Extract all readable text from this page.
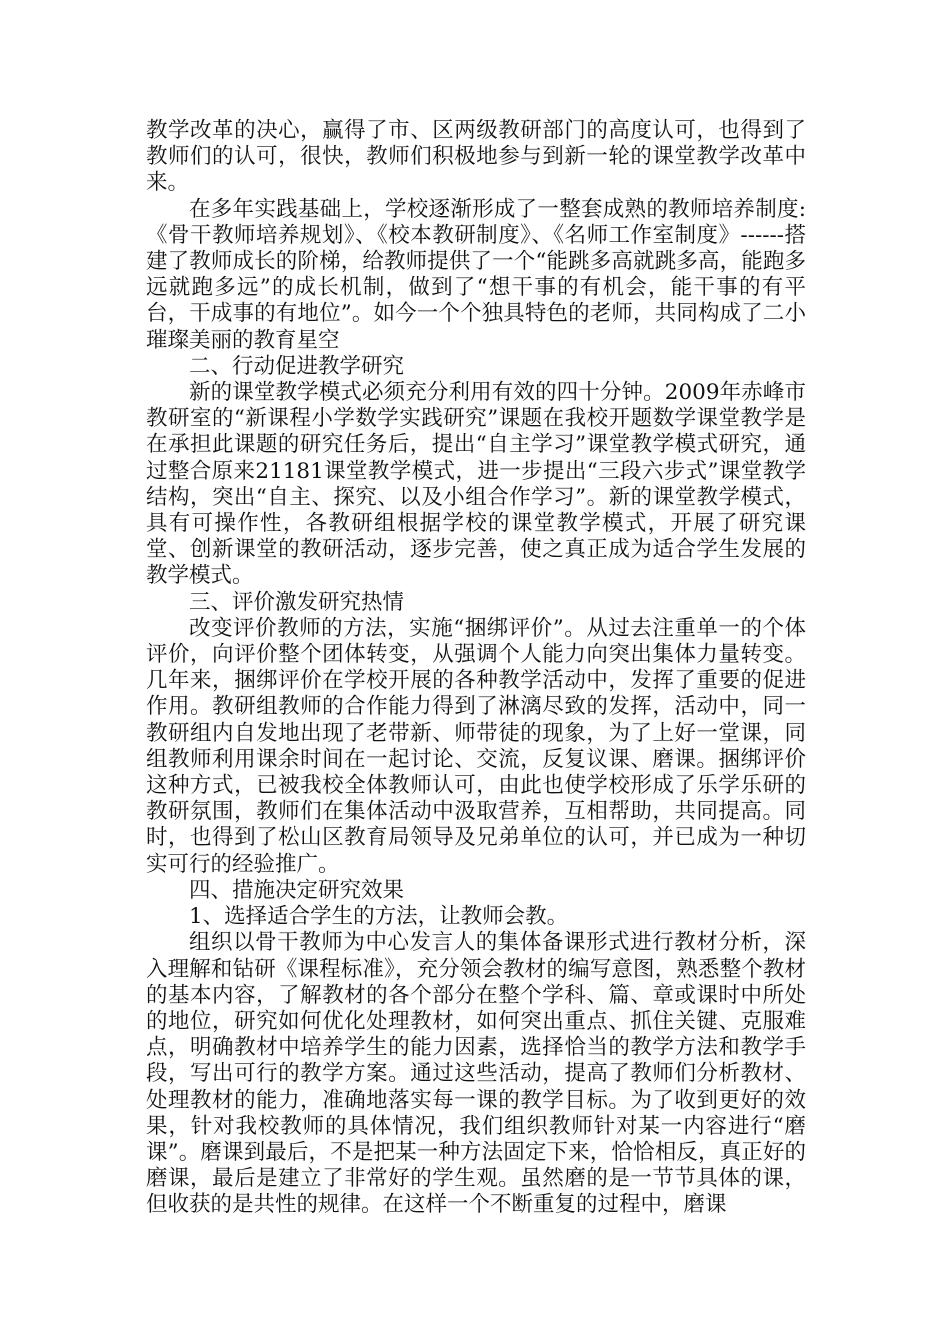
教学改革的决心，赢得了市、区两级教研部门的高度认可，也得到了教师们的认可，很快，教师们积极地参与到新一轮的课堂教学改革中来。

在多年实践基础上，学校逐渐形成了一整套成熟的教师培养制度:《骨干教师培养规划》、《校本教研制度》、《名师工作室制度》------搭建了教师成长的阶梯，给教师提供了一个“能跳多高就跳多高，能跑多远就跑多远”的成长机制，做到了“想干事的有机会，能干事的有平台，干成事的有地位”。如今一个个独具特色的老师，共同构成了二小璀璨美丽的教育星空

二、行动促进教学研究

新的课堂教学模式必须充分利用有效的四十分钟。2009年赤峰市教研室的“新课程小学数学实践研究”课题在我校开题数学课堂教学是在承担此课题的研究任务后，提出“自主学习”课堂教学模式研究，通过整合原来21181课堂教学模式，进一步提出“三段六步式”课堂教学结构，突出“自主、探究、以及小组合作学习”。新的课堂教学模式，具有可操作性，各教研组根据学校的课堂教学模式，开展了研究课堂、创新课堂的教研活动，逐步完善，使之真正成为适合学生发展的教学模式。

三、评价激发研究热情

改变评价教师的方法，实施“捆绑评价”。从过去注重单一的个体评价，向评价整个团体转变，从强调个人能力向突出集体力量转变。几年来，捆绑评价在学校开展的各种教学活动中，发挥了重要的促进作用。教研组教师的合作能力得到了淋漓尽致的发挥，活动中，同一教研组内自发地出现了老带新、师带徒的现象，为了上好一堂课，同组教师利用课余时间在一起讨论、交流，反复议课、磨课。捆绑评价这种方式，已被我校全体教师认可，由此也使学校形成了乐学乐研的教研氛围，教师们在集体活动中汲取营养，互相帮助，共同提高。同时，也得到了松山区教育局领导及兄弟单位的认可，并已成为一种切实可行的经验推广。

四、措施决定研究效果

1、选择适合学生的方法，让教师会教。

组织以骨干教师为中心发言人的集体备课形式进行教材分析，深入理解和钻研《课程标准》，充分领会教材的编写意图，熟悉整个教材的基本内容，了解教材的各个部分在整个学科、篇、章或课时中所处的地位，研究如何优化处理教材，如何突出重点、抓住关键、克服难点，明确教材中培养学生的能力因素，选择恰当的教学方法和教学手段，写出可行的教学方案。通过这些活动，提高了教师们分析教材、处理教材的能力，准确地落实每一课的教学目标。为了收到更好的效果，针对我校教师的具体情况，我们组织教师针对某一内容进行“磨课”。磨课到最后，不是把某一种方法固定下来，恰恰相反，真正好的磨课，最后是建立了非常好的学生观。虽然磨的是一节节具体的课，但收获的是共性的规律。在这样一个不断重复的过程中，磨课
